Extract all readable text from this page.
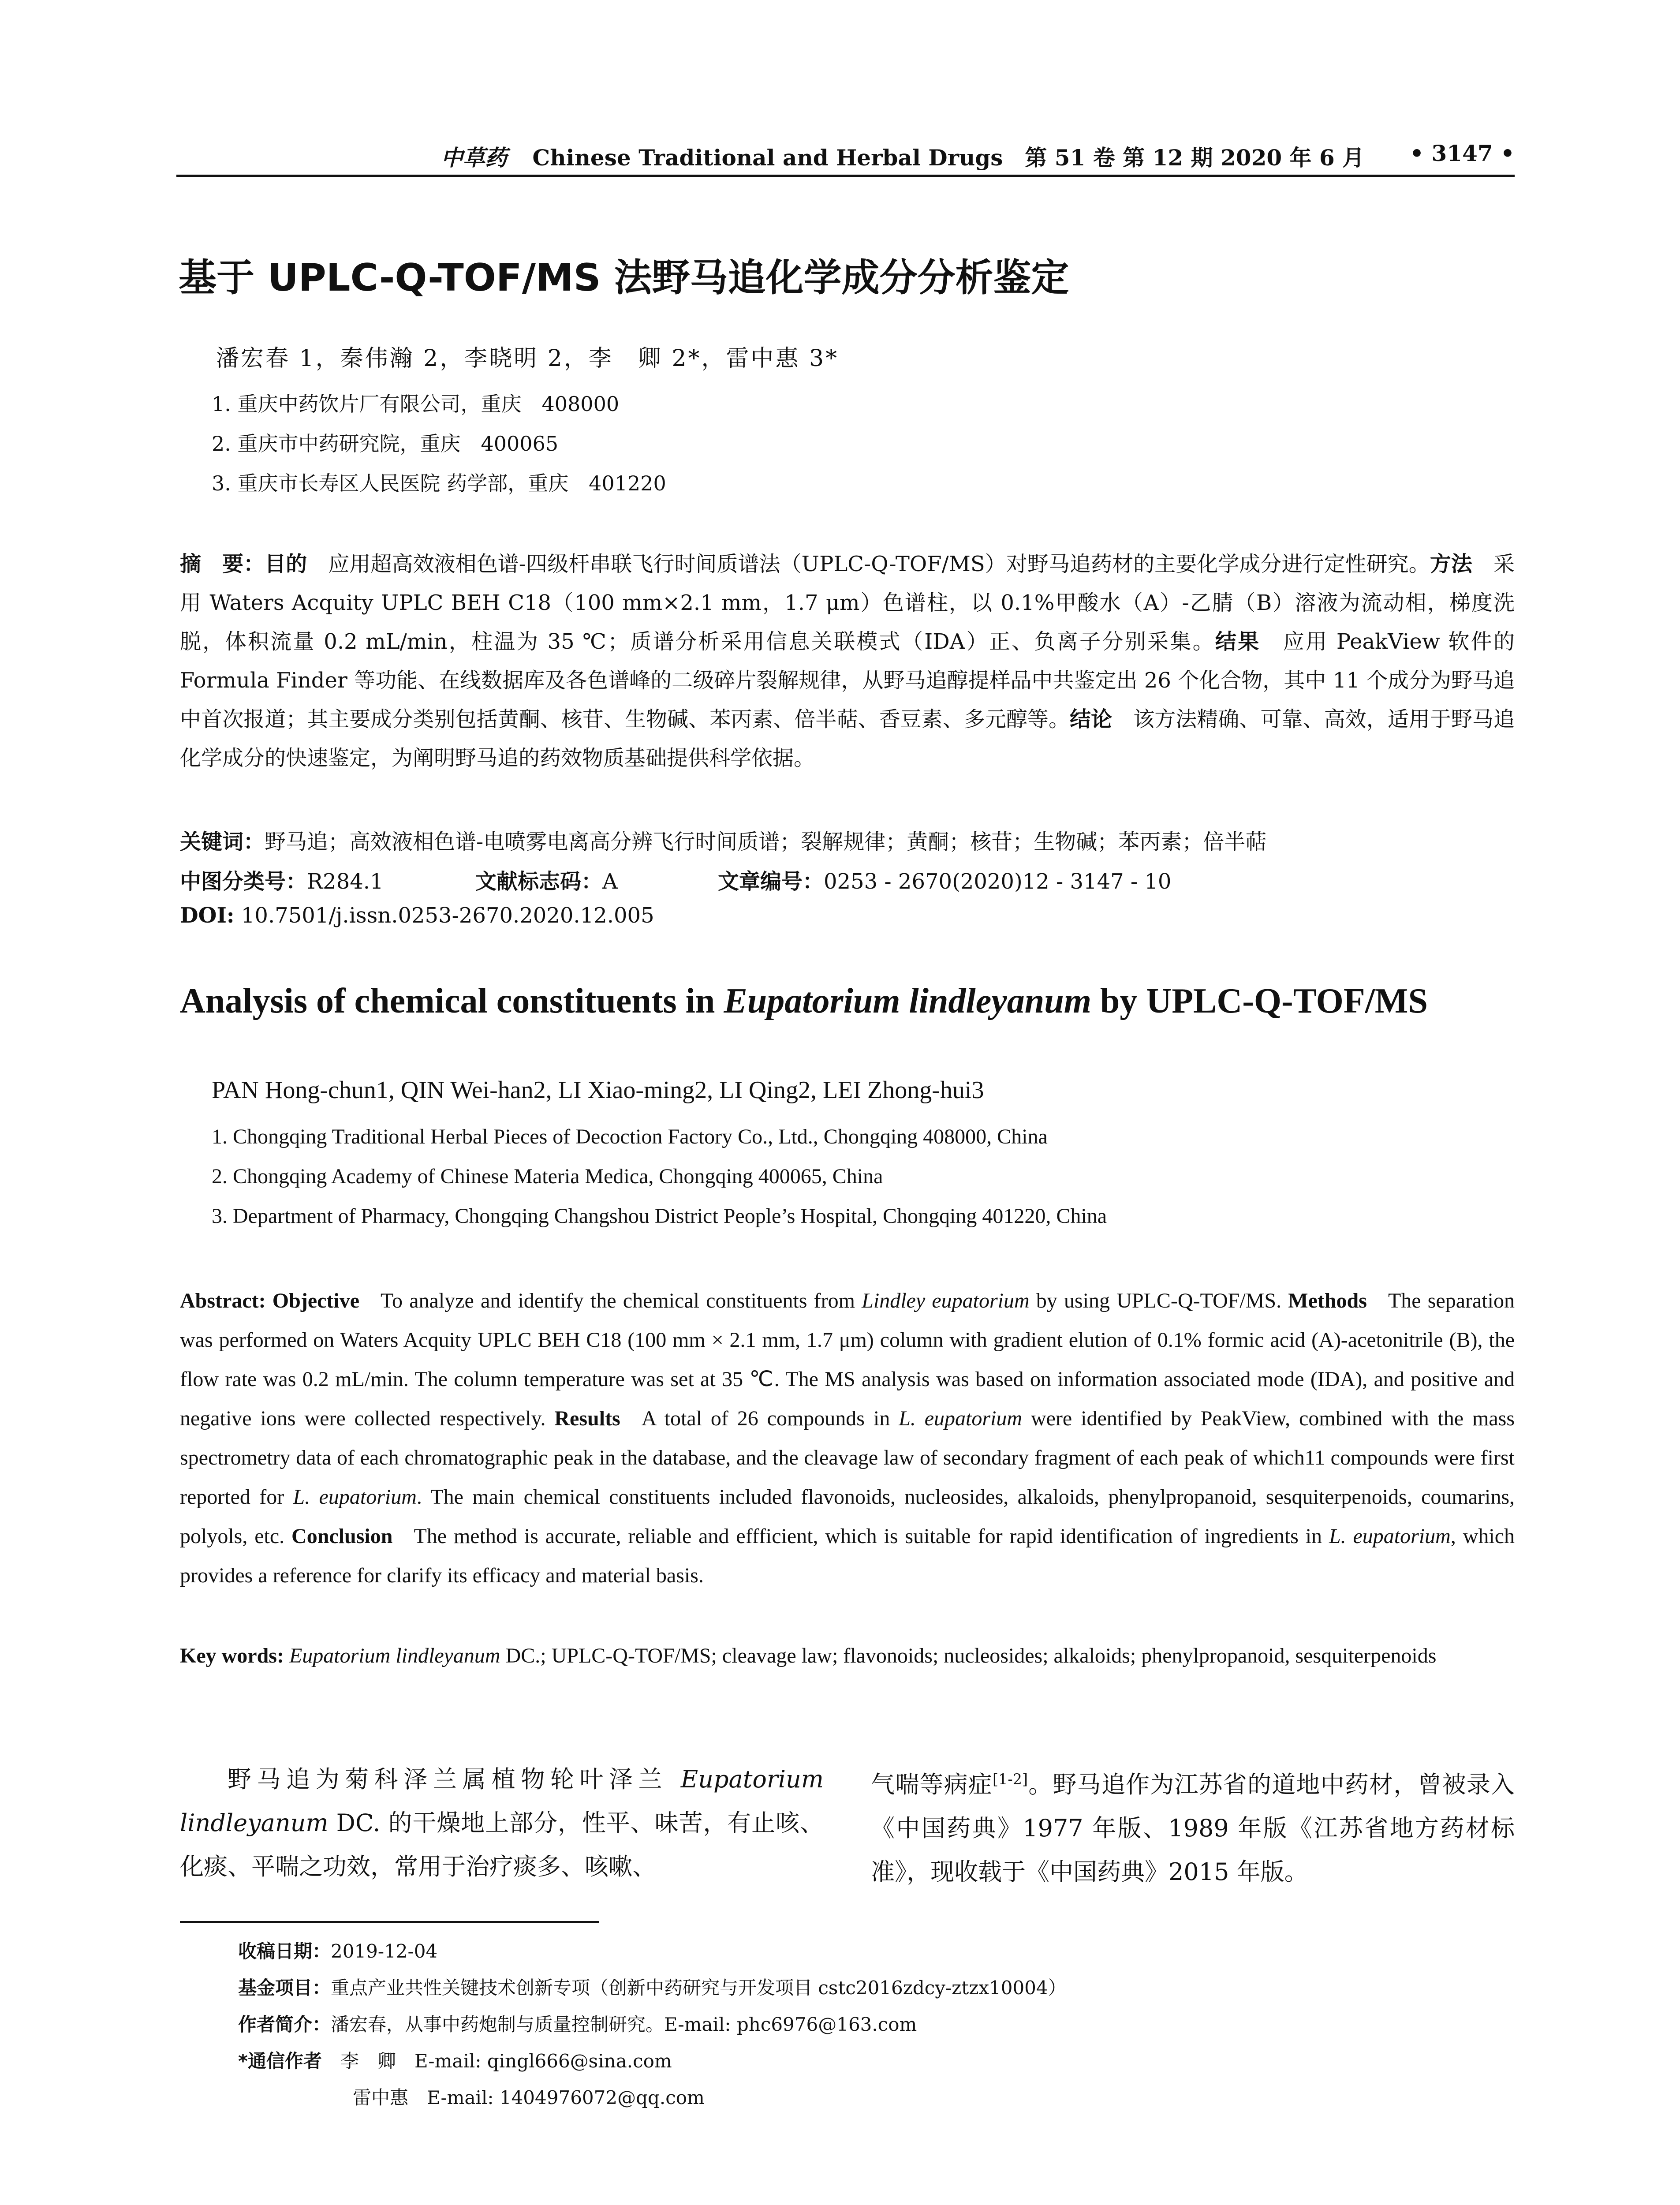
中草药 Chinese Traditional and Herbal Drugs　第 51 卷 第 12 期 2020 年 6 月 • 3147 •
基于 UPLC-Q-TOF/MS 法野马追化学成分分析鉴定
潘宏春 1，秦伟瀚 2，李晓明 2，李　卿 2*，雷中惠 3*
1. 重庆中药饮片厂有限公司，重庆　408000
2. 重庆市中药研究院，重庆　400065
3. 重庆市长寿区人民医院 药学部，重庆　401220
摘　要：目的  应用超高效液相色谱-四级杆串联飞行时间质谱法（UPLC-Q-TOF/MS）对野马追药材的主要化学成分进行定性研究。方法  采用 Waters Acquity UPLC BEH C18（100 mm×2.1 mm，1.7 μm）色谱柱，以 0.1%甲酸水（A）-乙腈（B）溶液为流动相，梯度洗脱，体积流量 0.2 mL/min，柱温为 35 ℃；质谱分析采用信息关联模式（IDA）正、负离子分别采集。结果  应用 PeakView 软件的 Formula Finder 等功能、在线数据库及各色谱峰的二级碎片裂解规律，从野马追醇提样品中共鉴定出 26 个化合物，其中 11 个成分为野马追中首次报道；其主要成分类别包括黄酮、核苷、生物碱、苯丙素、倍半萜、香豆素、多元醇等。结论  该方法精确、可靠、高效，适用于野马追化学成分的快速鉴定，为阐明野马追的药效物质基础提供科学依据。
关键词：野马追；高效液相色谱-电喷雾电离高分辨飞行时间质谱；裂解规律；黄酮；核苷；生物碱；苯丙素；倍半萜
中图分类号：R284.1	文献标志码：A	文章编号：0253 - 2670(2020)12 - 3147 - 10
DOI: 10.7501/j.issn.0253-2670.2020.12.005
Analysis of chemical constituents in Eupatorium lindleyanum by UPLC-Q-TOF/MS
PAN Hong-chun1, QIN Wei-han2, LI Xiao-ming2, LI Qing2, LEI Zhong-hui3
1. Chongqing Traditional Herbal Pieces of Decoction Factory Co., Ltd., Chongqing 408000, China
2. Chongqing Academy of Chinese Materia Medica, Chongqing 400065, China
3. Department of Pharmacy, Chongqing Changshou District People’s Hospital, Chongqing 401220, China
Abstract: Objective  To analyze and identify the chemical constituents from Lindley eupatorium by using UPLC-Q-TOF/MS. Methods  The separation was performed on Waters Acquity UPLC BEH C18 (100 mm × 2.1 mm, 1.7 μm) column with gradient elution of 0.1% formic acid (A)-acetonitrile (B), the flow rate was 0.2 mL/min. The column temperature was set at 35 ℃. The MS analysis was based on information associated mode (IDA), and positive and negative ions were collected respectively. Results  A total of 26 compounds in L. eupatorium were identified by PeakView, combined with the mass spectrometry data of each chromatographic peak in the database, and the cleavage law of secondary fragment of each peak of which11 compounds were first reported for L. eupatorium. The main chemical constituents included flavonoids, nucleosides, alkaloids, phenylpropanoid, sesquiterpenoids, coumarins, polyols, etc. Conclusion  The method is accurate, reliable and effficient, which is suitable for rapid identification of ingredients in L. eupatorium, which provides a reference for clarify its efficacy and material basis.
Key words: Eupatorium lindleyanum DC.; UPLC-Q-TOF/MS; cleavage law; flavonoids; nucleosides; alkaloids; phenylpropanoid, sesquiterpenoids
野马追为菊科泽兰属植物轮叶泽兰 Eupatorium lindleyanum DC. 的干燥地上部分，性平、味苦，有止咳、化痰、平喘之功效，常用于治疗痰多、咳嗽、
气喘等病症[1-2]。野马追作为江苏省的道地中药材，曾被录入《中国药典》1977 年版、1989 年版《江苏省地方药材标准》，现收载于《中国药典》2015 年版。
收稿日期：2019-12-04
基金项目：重点产业共性关键技术创新专项（创新中药研究与开发项目 cstc2016zdcy-ztzx10004）
作者简介：潘宏春，从事中药炮制与质量控制研究。E-mail: phc6976@163.com
*通信作者  李　卿　E-mail: qingl666@sina.com
雷中惠　E-mail: 1404976072@qq.com
